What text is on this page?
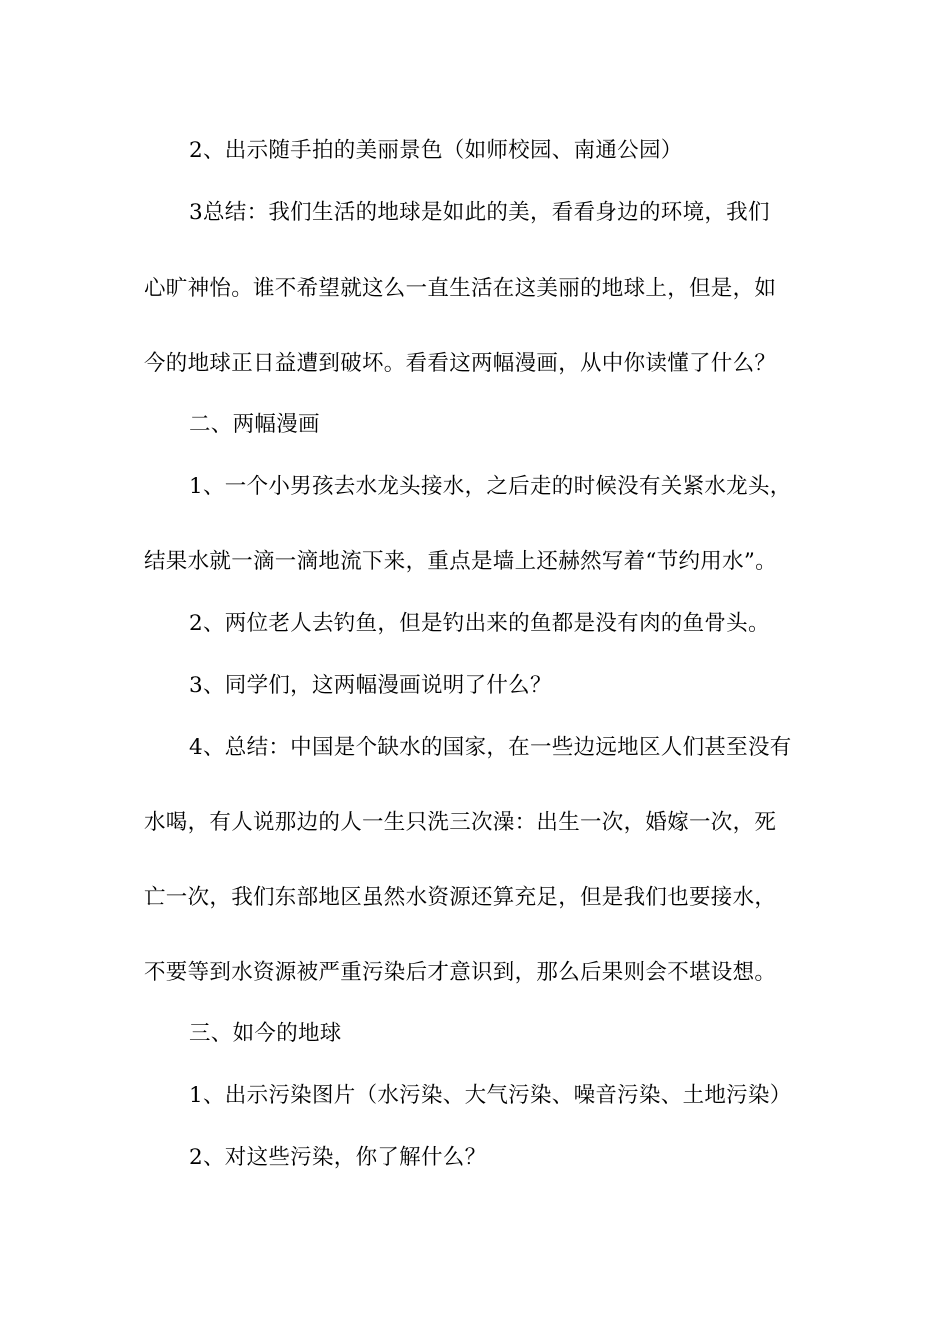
2、出示随手拍的美丽景色（如师校园、南通公园）
3总结：我们生活的地球是如此的美，看看身边的环境，我们
心旷神怡。谁不希望就这么一直生活在这美丽的地球上，但是，如
今的地球正日益遭到破坏。看看这两幅漫画，从中你读懂了什么？
二、两幅漫画
1、一个小男孩去水龙头接水，之后走的时候没有关紧水龙头，
结果水就一滴一滴地流下来，重点是墙上还赫然写着“节约用水”。
2、两位老人去钓鱼，但是钓出来的鱼都是没有肉的鱼骨头。
3、同学们，这两幅漫画说明了什么？
4、总结：中国是个缺水的国家，在一些边远地区人们甚至没有
水喝，有人说那边的人一生只洗三次澡：出生一次，婚嫁一次，死
亡一次，我们东部地区虽然水资源还算充足，但是我们也要接水，
不要等到水资源被严重污染后才意识到，那么后果则会不堪设想。
三、如今的地球
1、出示污染图片（水污染、大气污染、噪音污染、土地污染）
2、对这些污染，你了解什么？
